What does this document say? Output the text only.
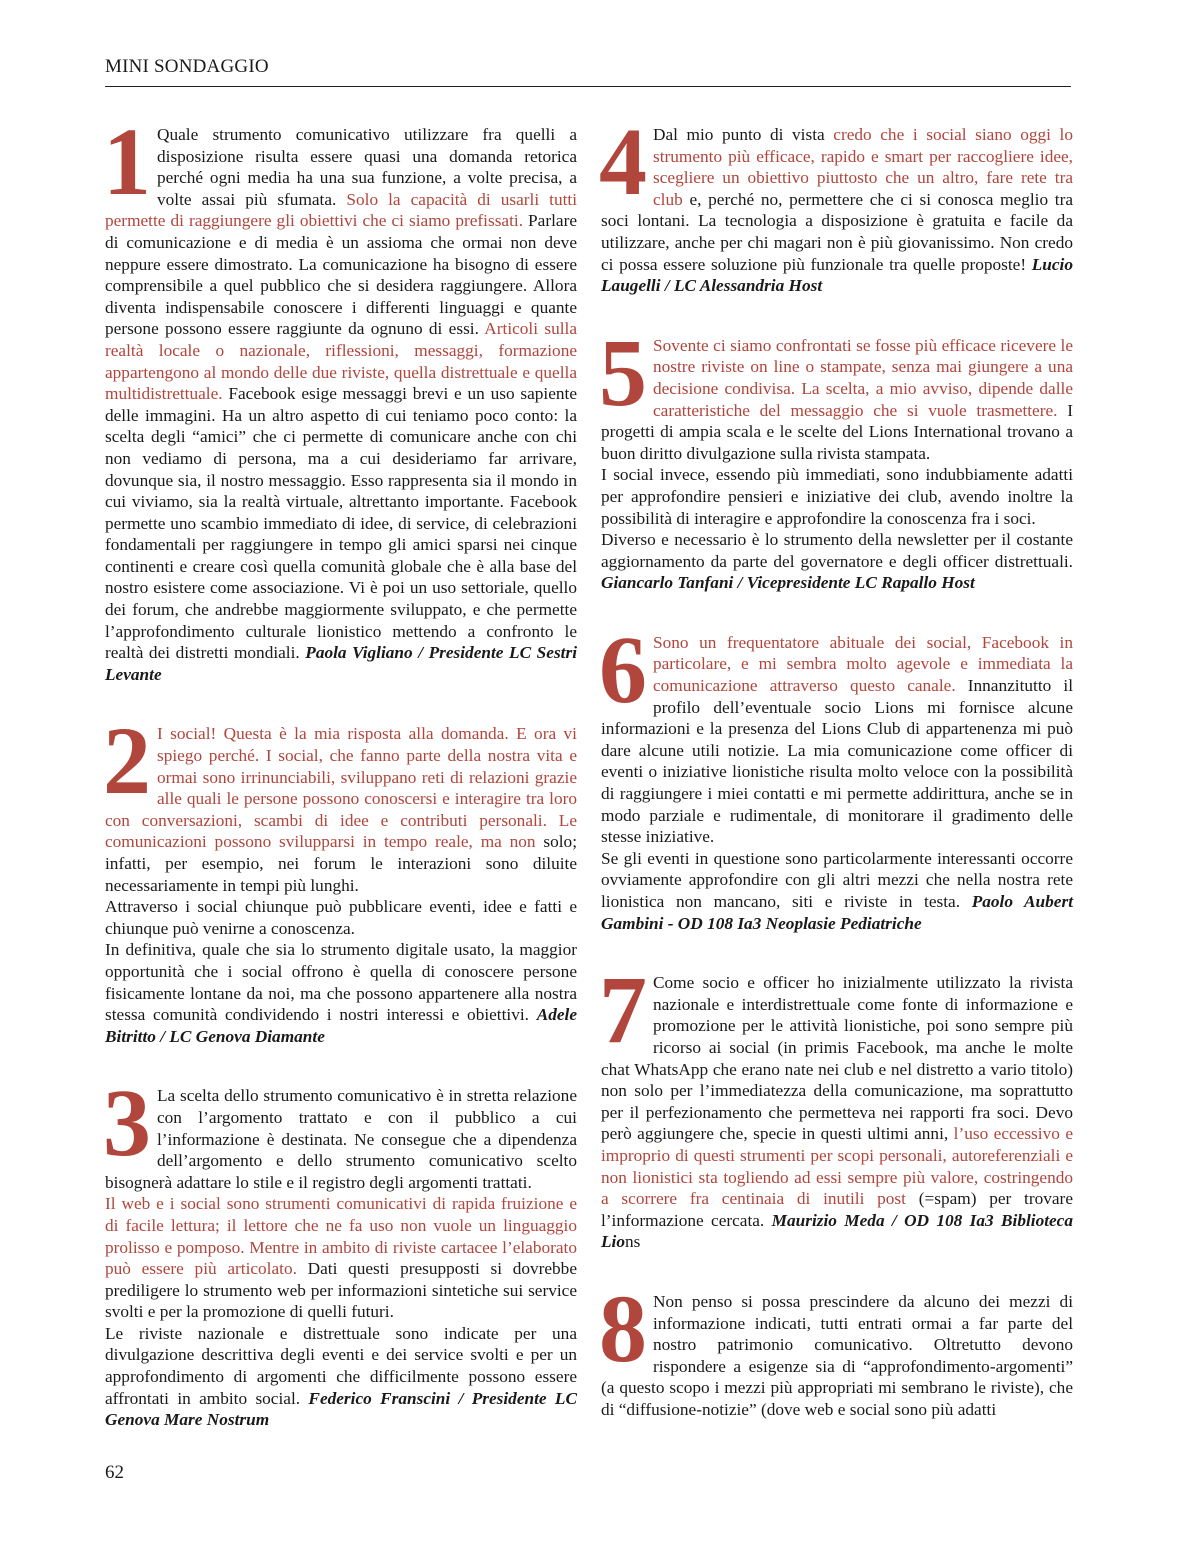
MINI SONDAGGIO

1 Quale strumento comunicativo utilizzare fra quelli a disposizione risulta essere quasi una domanda retorica perché ogni media ha una sua funzione, a volte precisa, a volte assai più sfumata. Solo la capacità di usarli tutti permette di raggiungere gli obiettivi che ci siamo prefissati. Parlare di comunicazione e di media è un assioma che ormai non deve neppure essere dimostrato. La comunicazione ha bisogno di essere comprensibile a quel pubblico che si desidera raggiungere. Allora diventa indispensabile conoscere i differenti linguaggi e quante persone possono essere raggiunte da ognuno di essi. Articoli sulla realtà locale o nazionale, riflessioni, messaggi, formazione appartengono al mondo delle due riviste, quella distrettuale e quella multidistrettuale. Facebook esige messaggi brevi e un uso sapiente delle immagini. Ha un altro aspetto di cui teniamo poco conto: la scelta degli “amici” che ci permette di comunicare anche con chi non vediamo di persona, ma a cui desideriamo far arrivare, dovunque sia, il nostro messaggio. Esso rappresenta sia il mondo in cui viviamo, sia la realtà virtuale, altrettanto importante. Facebook permette uno scambio immediato di idee, di service, di celebrazioni fondamentali per raggiungere in tempo gli amici sparsi nei cinque continenti e creare così quella comunità globale che è alla base del nostro esistere come associazione. Vi è poi un uso settoriale, quello dei forum, che andrebbe maggiormente sviluppato, e che permette l’approfondimento culturale lionistico mettendo a confronto le realtà dei distretti mondiali. Paola Vigliano / Presidente LC Sestri Levante

2 I social! Questa è la mia risposta alla domanda. E ora vi spiego perché. I social, che fanno parte della nostra vita e ormai sono irrinunciabili, sviluppano reti di relazioni grazie alle quali le persone possono conoscersi e interagire tra loro con conversazioni, scambi di idee e contributi personali. Le comunicazioni possono svilupparsi in tempo reale, ma non solo; infatti, per esempio, nei forum le interazioni sono diluite necessariamente in tempi più lunghi.

Attraverso i social chiunque può pubblicare eventi, idee e fatti e chiunque può venirne a conoscenza.

In definitiva, quale che sia lo strumento digitale usato, la maggior opportunità che i social offrono è quella di conoscere persone fisicamente lontane da noi, ma che possono appartenere alla nostra stessa comunità condividendo i nostri interessi e obiettivi. Adele Bitritto / LC Genova Diamante

3 La scelta dello strumento comunicativo è in stretta relazione con l’argomento trattato e con il pubblico a cui l’informazione è destinata. Ne consegue che a dipendenza dell’argomento e dello strumento comunicativo scelto bisognerà adattare lo stile e il registro degli argomenti trattati.

Il web e i social sono strumenti comunicativi di rapida fruizione e di facile lettura; il lettore che ne fa uso non vuole un linguaggio prolisso e pomposo. Mentre in ambito di riviste cartacee l’elaborato può essere più articolato. Dati questi presupposti si dovrebbe prediligere lo strumento web per informazioni sintetiche sui service svolti e per la promozione di quelli futuri.

Le riviste nazionale e distrettuale sono indicate per una divulgazione descrittiva degli eventi e dei service svolti e per un approfondimento di argomenti che difficilmente possono essere affrontati in ambito social. Federico Franscini / Presidente LC Genova Mare Nostrum

4 Dal mio punto di vista credo che i social siano oggi lo strumento più efficace, rapido e smart per raccogliere idee, scegliere un obiettivo piuttosto che un altro, fare rete tra club e, perché no, permettere che ci si conosca meglio tra soci lontani. La tecnologia a disposizione è gratuita e facile da utilizzare, anche per chi magari non è più giovanissimo. Non credo ci possa essere soluzione più funzionale tra quelle proposte! Lucio Laugelli / LC Alessandria Host

5 Sovente ci siamo confrontati se fosse più efficace ricevere le nostre riviste on line o stampate, senza mai giungere a una decisione condivisa. La scelta, a mio avviso, dipende dalle caratteristiche del messaggio che si vuole trasmettere. I progetti di ampia scala e le scelte del Lions International trovano a buon diritto divulgazione sulla rivista stampata.

I social invece, essendo più immediati, sono indubbiamente adatti per approfondire pensieri e iniziative dei club, avendo inoltre la possibilità di interagire e approfondire la conoscenza fra i soci.

Diverso e necessario è lo strumento della newsletter per il costante aggiornamento da parte del governatore e degli officer distrettuali. Giancarlo Tanfani / Vicepresidente LC Rapallo Host

6 Sono un frequentatore abituale dei social, Facebook in particolare, e mi sembra molto agevole e immediata la comunicazione attraverso questo canale. Innanzitutto il profilo dell’eventuale socio Lions mi fornisce alcune informazioni e la presenza del Lions Club di appartenenza mi può dare alcune utili notizie. La mia comunicazione come officer di eventi o iniziative lionistiche risulta molto veloce con la possibilità di raggiungere i miei contatti e mi permette addirittura, anche se in modo parziale e rudimentale, di monitorare il gradimento delle stesse iniziative.

Se gli eventi in questione sono particolarmente interessanti occorre ovviamente approfondire con gli altri mezzi che nella nostra rete lionistica non mancano, siti e riviste in testa. Paolo Aubert Gambini - OD 108 Ia3 Neoplasie Pediatriche

7 Come socio e officer ho inizialmente utilizzato la rivista nazionale e interdistrettuale come fonte di informazione e promozione per le attività lionistiche, poi sono sempre più ricorso ai social (in primis Facebook, ma anche le molte chat WhatsApp che erano nate nei club e nel distretto a vario titolo) non solo per l’immediatezza della comunicazione, ma soprattutto per il perfezionamento che permetteva nei rapporti fra soci. Devo però aggiungere che, specie in questi ultimi anni, l’uso eccessivo e improprio di questi strumenti per scopi personali, autoreferenziali e non lionistici sta togliendo ad essi sempre più valore, costringendo a scorrere fra centinaia di inutili post (=spam) per trovare l’informazione cercata. Maurizio Meda / OD 108 Ia3 Biblioteca Lions

8 Non penso si possa prescindere da alcuno dei mezzi di informazione indicati, tutti entrati ormai a far parte del nostro patrimonio comunicativo. Oltretutto devono rispondere a esigenze sia di “approfondimento-argomenti” (a questo scopo i mezzi più appropriati mi sembrano le riviste), che di “diffusione-notizie” (dove web e social sono più adatti

62
